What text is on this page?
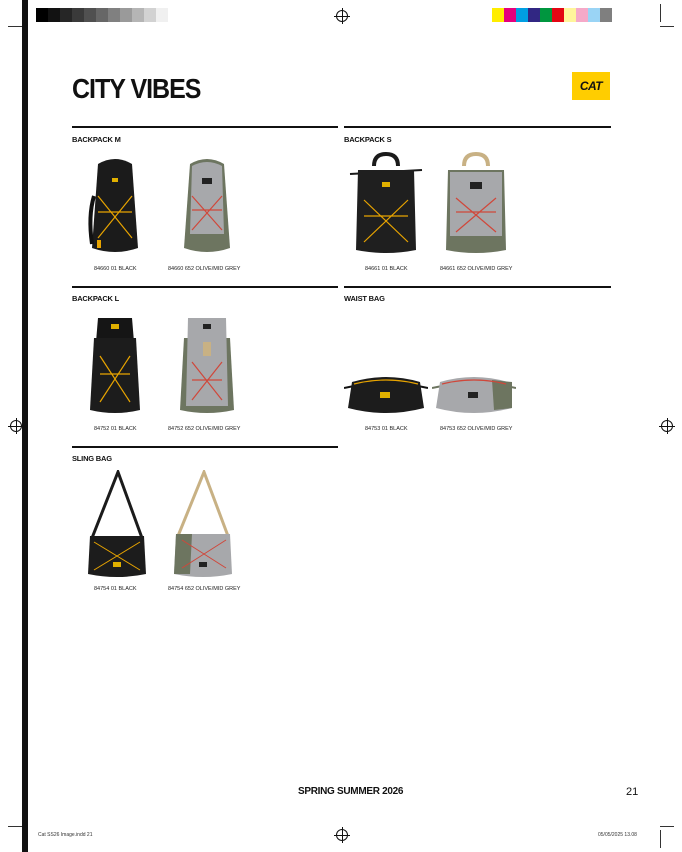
CITY VIBES	CAT
BACKPACK M	BACKPACK S
BACKPACK L	WAIST BAG
SLING BAG
84660 01 BLACK	84660 652 OLIVE/MID GREY	84661 01 BLACK	84661 652 OLIVE/MID GREY
84752 01 BLACK	84752 652 OLIVE/MID GREY	84753 01 BLACK	84753 652 OLIVE/MID GREY
84754 01 BLACK	84754 652 OLIVE/MID GREY
SPRING SUMMER 2026	21
Cat SS26 Image.indd 21	05/05/2025 13.08
